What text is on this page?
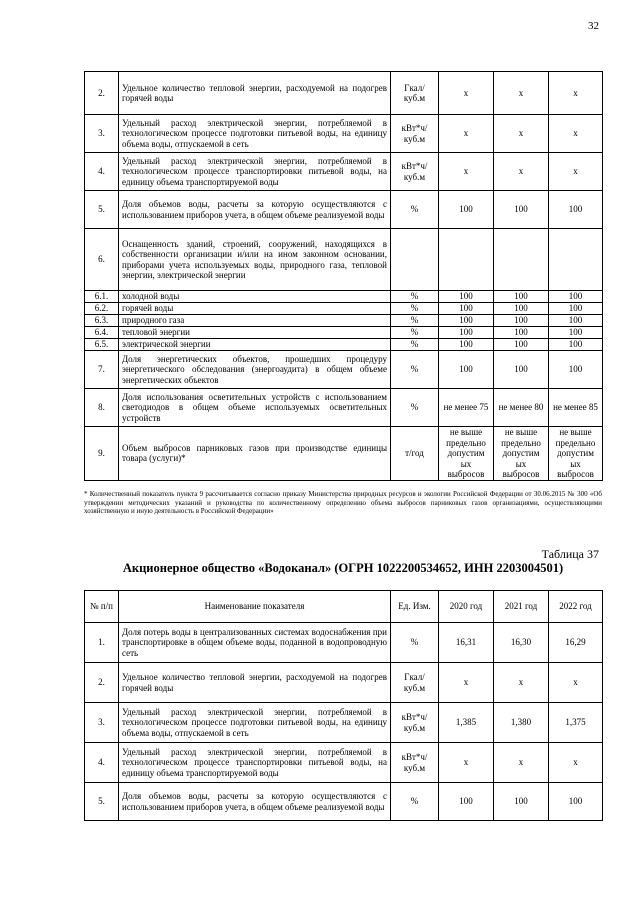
32
2.	Удельное количество тепловой энергии, расходуемой на подогрев горячей воды	Гкал/ куб.м	x	x	x
3.	Удельный расход электрической энергии, потребляемой в технологическом процессе подготовки питьевой воды, на единицу объема воды, отпускаемой в сеть	кВт*ч/ куб.м	x	x	x
4.	Удельный расход электрической энергии, потребляемой в технологическом процессе транспортировки питьевой воды, на единицу объема транспортируемой воды	кВт*ч/ куб.м	x	x	x
5.	Доля объемов воды, расчеты за которую осуществляются с использованием приборов учета, в общем объеме реализуемой воды	%	100	100	100
6.	Оснащенность зданий, строений, сооружений, находящихся в собственности организации и/или на ином законном основании, приборами учета используемых воды, природного газа, тепловой энергии, электрической энергии				
6.1.	холодной воды	%	100	100	100
6.2.	горячей воды	%	100	100	100
6.3.	природного газа	%	100	100	100
6.4.	тепловой энергии	%	100	100	100
6.5.	электрической энергии	%	100	100	100
7.	Доля энергетических объектов, прошедших процедуру энергетического обследования (энергоаудита) в общем объеме энергетических объектов	%	100	100	100
8.	Доля использования осветительных устройств с использованием светодиодов в общем объеме используемых осветительных устройств	%	не менее 75	не менее 80	не менее 85
9.	Объем выбросов парниковых газов при производстве единицы товара (услуги)*	т/год	не выше предельно допустим ых выбросов	не выше предельно допустим ых выбросов	не выше предельно допустим ых выбросов
* Количественный показатель пункта 9 рассчитывается согласно приказу Министерства природных ресурсов и экологии Российской Федерации от 30.06.2015 № 300 «Об утверждении методических указаний и руководства по количественному определению объема выбросов парниковых газов организациями, осуществляющими хозяйственную и иную деятельность в Российской Федерации»
Таблица 37
Акционерное общество «Водоканал» (ОГРН 1022200534652, ИНН 2203004501)
№ п/п	Наименование показателя	Ед. Изм.	2020 год	2021 год	2022 год
1.	Доля потерь воды в централизованных системах водоснабжения при транспортировке в общем объеме воды, поданной в водопроводную сеть	%	16,31	16,30	16,29
2.	Удельное количество тепловой энергии, расходуемой на подогрев горячей воды	Гкал/ куб.м	x	x	x
3.	Удельный расход электрической энергии, потребляемой в технологическом процессе подготовки питьевой воды, на единицу объема воды, отпускаемой в сеть	кВт*ч/ куб.м	1,385	1,380	1,375
4.	Удельный расход электрической энергии, потребляемой в технологическом процессе транспортировки питьевой воды, на единицу объема транспортируемой воды	кВт*ч/ куб.м	x	x	x
5.	Доля объемов воды, расчеты за которую осуществляются с использованием приборов учета, в общем объеме реализуемой воды	%	100	100	100
